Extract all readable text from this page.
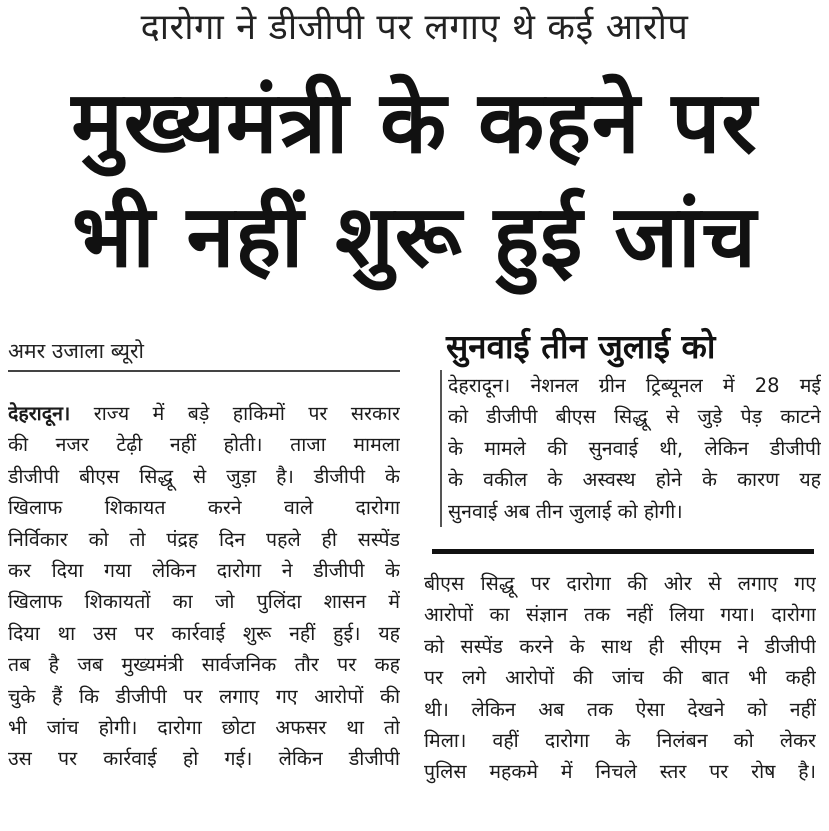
दारोगा ने डीजीपी पर लगाए थे कई आरोप
मुख्यमंत्री के कहने पर
भी नहीं शुरू हुई जांच
अमर उजाला ब्यूरो
देहरादून। राज्य में बड़े हाकिमों पर सरकार
की नजर टेढ़ी नहीं होती। ताजा मामला
डीजीपी बीएस सिद्धू से जुड़ा है। डीजीपी के
खिलाफ शिकायत करने वाले दारोगा
निर्विकार को तो पंद्रह दिन पहले ही सस्पेंड
कर दिया गया लेकिन दारोगा ने डीजीपी के
खिलाफ शिकायतों का जो पुलिंदा शासन में
दिया था उस पर कार्रवाई शुरू नहीं हुई। यह
तब है जब मुख्यमंत्री सार्वजनिक तौर पर कह
चुके हैं कि डीजीपी पर लगाए गए आरोपों की
भी जांच होगी। दारोगा छोटा अफसर था तो
उस पर कार्रवाई हो गई। लेकिन डीजीपी
सुनवाई तीन जुलाई को
देहरादून। नेशनल ग्रीन ट्रिब्यूनल में 28 मई
को डीजीपी बीएस सिद्धू से जुड़े पेड़ काटने
के मामले की सुनवाई थी, लेकिन डीजीपी
के वकील के अस्वस्थ होने के कारण यह
सुनवाई अब तीन जुलाई को होगी।
बीएस सिद्धू पर दारोगा की ओर से लगाए गए
आरोपों का संज्ञान तक नहीं लिया गया। दारोगा
को सस्पेंड करने के साथ ही सीएम ने डीजीपी
पर लगे आरोपों की जांच की बात भी कही
थी। लेकिन अब तक ऐसा देखने को नहीं
मिला। वहीं दारोगा के निलंबन को लेकर
पुलिस महकमे में निचले स्तर पर रोष है।
